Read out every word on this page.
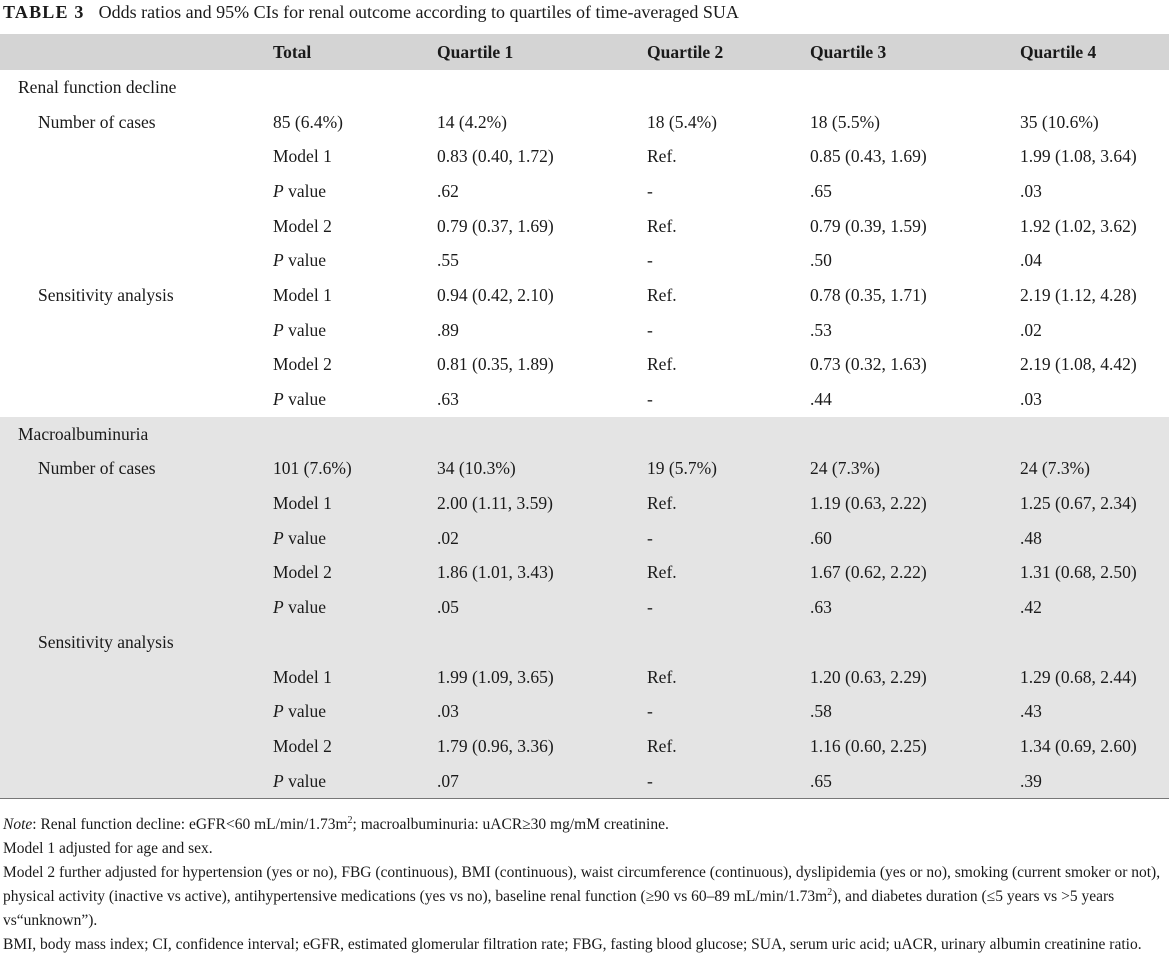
TABLE 3 Odds ratios and 95% CIs for renal outcome according to quartiles of time-averaged SUA
	Total	Quartile 1	Quartile 2	Quartile 3	Quartile 4
Renal function decline					
Number of cases	85 (6.4%)	14 (4.2%)	18 (5.4%)	18 (5.5%)	35 (10.6%)
	Model 1	0.83 (0.40, 1.72)	Ref.	0.85 (0.43, 1.69)	1.99 (1.08, 3.64)
	P value	.62	-	.65	.03
	Model 2	0.79 (0.37, 1.69)	Ref.	0.79 (0.39, 1.59)	1.92 (1.02, 3.62)
	P value	.55	-	.50	.04
Sensitivity analysis	Model 1	0.94 (0.42, 2.10)	Ref.	0.78 (0.35, 1.71)	2.19 (1.12, 4.28)
	P value	.89	-	.53	.02
	Model 2	0.81 (0.35, 1.89)	Ref.	0.73 (0.32, 1.63)	2.19 (1.08, 4.42)
	P value	.63	-	.44	.03
Macroalbuminuria					
Number of cases	101 (7.6%)	34 (10.3%)	19 (5.7%)	24 (7.3%)	24 (7.3%)
	Model 1	2.00 (1.11, 3.59)	Ref.	1.19 (0.63, 2.22)	1.25 (0.67, 2.34)
	P value	.02	-	.60	.48
	Model 2	1.86 (1.01, 3.43)	Ref.	1.67 (0.62, 2.22)	1.31 (0.68, 2.50)
	P value	.05	-	.63	.42
Sensitivity analysis					
	Model 1	1.99 (1.09, 3.65)	Ref.	1.20 (0.63, 2.29)	1.29 (0.68, 2.44)
	P value	.03	-	.58	.43
	Model 2	1.79 (0.96, 3.36)	Ref.	1.16 (0.60, 2.25)	1.34 (0.69, 2.60)
	P value	.07	-	.65	.39

Note: Renal function decline: eGFR<60 $mL/\min/1.73m^2$; macroalbuminuria: uACR≥30 mg/mM creatinine.

Model 1 adjusted for age and sex.

Model 2 further adjusted for hypertension (yes or no), FBG (continuous), BMI (continuous), waist circumference (continuous), dyslipidemia (yes or no), smoking (current smoker or not), physical activity (inactive vs active), antihypertensive medications (yes vs no), baseline renal function (≥90 vs 60–89 $mL/\min/1.73m^2$), and diabetes duration (≤5 years vs >5 years vs“unknown”).

BMI, body mass index; CI, confidence interval; eGFR, estimated glomerular filtration rate; FBG, fasting blood glucose; SUA, serum uric acid; uACR, urinary albumin creatinine ratio.
